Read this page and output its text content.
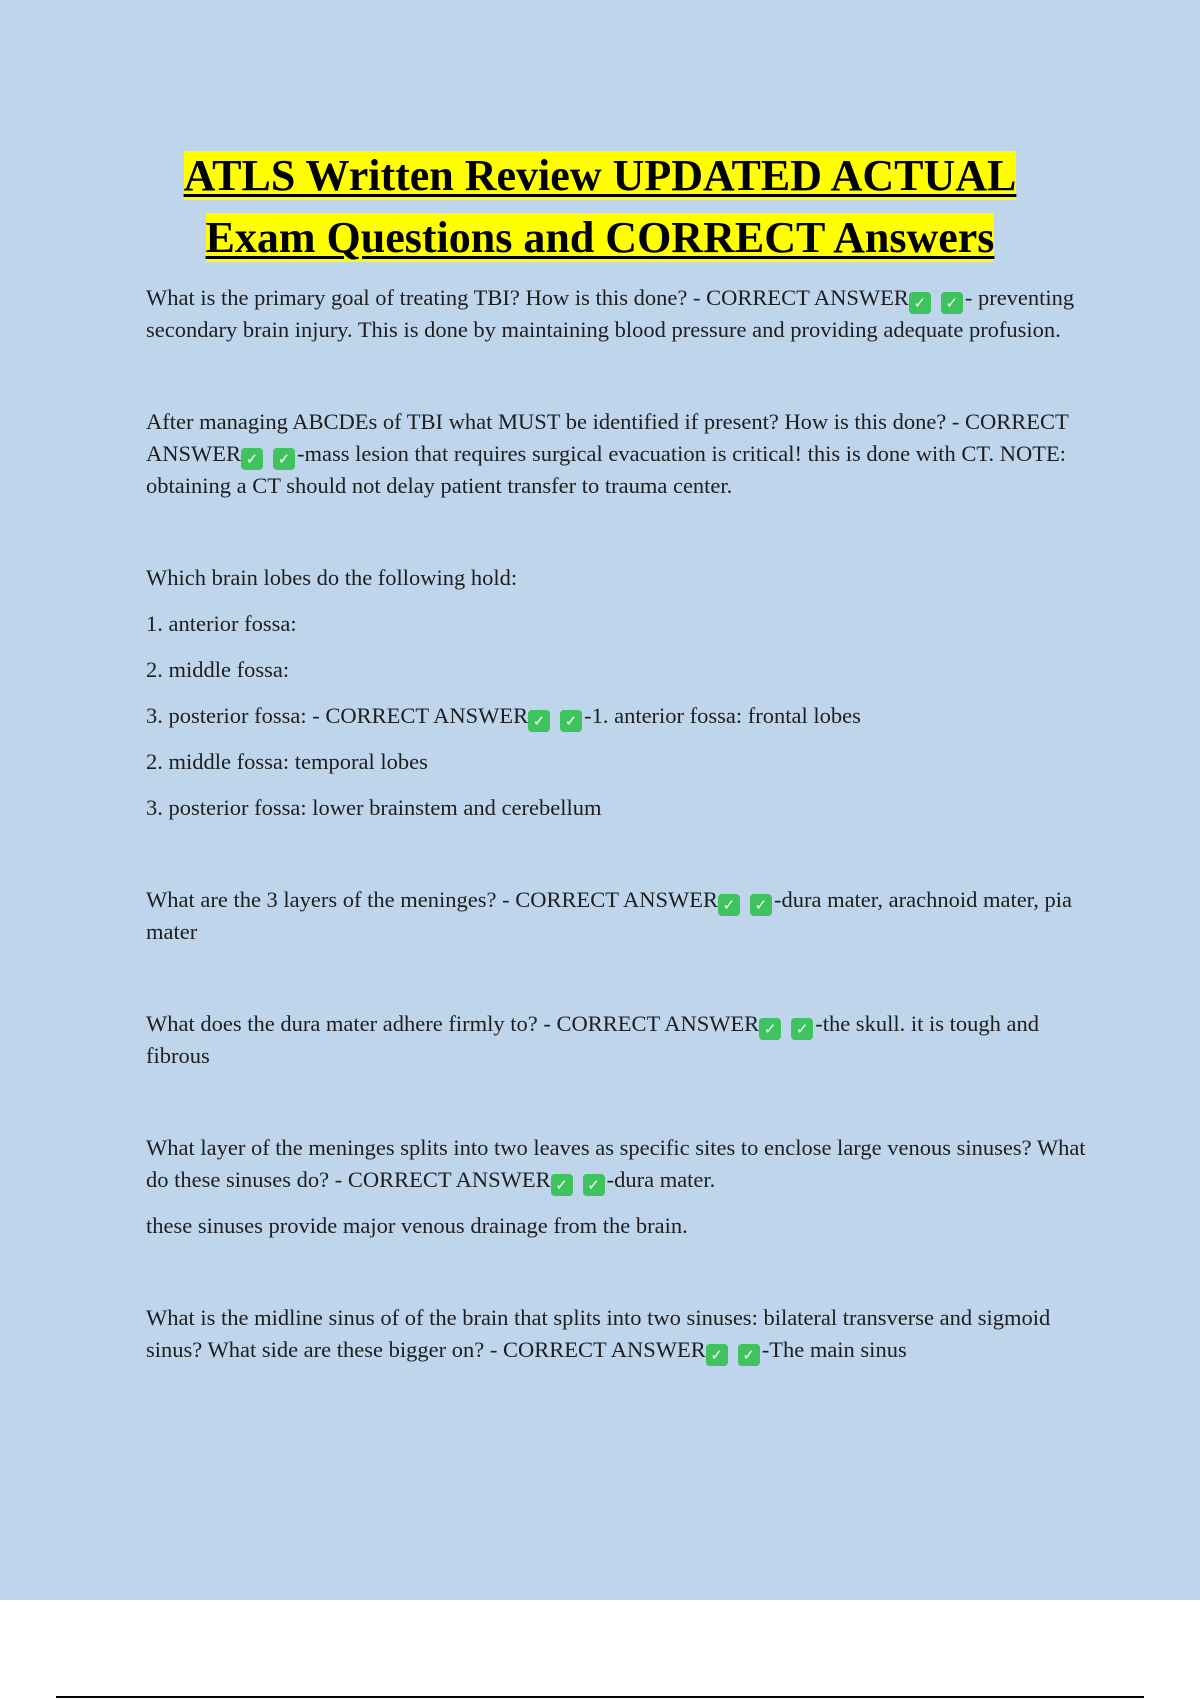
ATLS Written Review UPDATED ACTUAL
Exam Questions and CORRECT Answers

What is the primary goal of treating TBI? How is this done? - CORRECT ANSWER ✓ ✓ - preventing secondary brain injury. This is done by maintaining blood pressure and providing adequate profusion.

After managing ABCDEs of TBI what MUST be identified if present? How is this done? - CORRECT ANSWER ✓ ✓ -mass lesion that requires surgical evacuation is critical! this is done with CT. NOTE: obtaining a CT should not delay patient transfer to trauma center.

Which brain lobes do the following hold:

1. anterior fossa:

2. middle fossa:

3. posterior fossa: - CORRECT ANSWER ✓ ✓ -1. anterior fossa: frontal lobes

2. middle fossa: temporal lobes

3. posterior fossa: lower brainstem and cerebellum

What are the 3 layers of the meninges? - CORRECT ANSWER ✓ ✓ -dura mater, arachnoid mater, pia mater

What does the dura mater adhere firmly to? - CORRECT ANSWER ✓ ✓ -the skull. it is tough and fibrous

What layer of the meninges splits into two leaves as specific sites to enclose large venous sinuses? What do these sinuses do? - CORRECT ANSWER ✓ ✓ -dura mater.

these sinuses provide major venous drainage from the brain.

What is the midline sinus of of the brain that splits into two sinuses: bilateral transverse and sigmoid sinus? What side are these bigger on? - CORRECT ANSWER ✓ ✓ -The main sinus
